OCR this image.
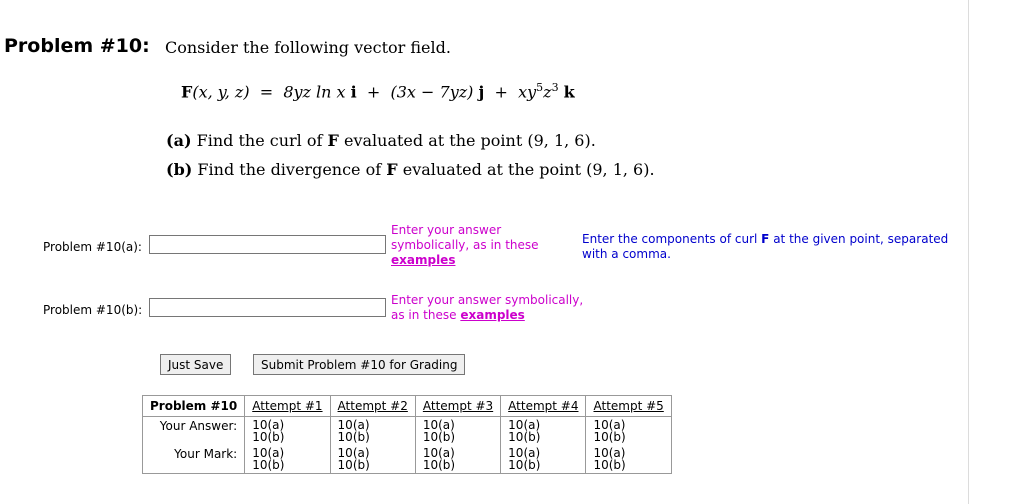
Problem #10: Consider the following vector field.
F(x, y, z) = 8yz ln x i + (3x − 7yz) $j + xy^5z^3$ k
(a) Find the curl of F evaluated at the point (9, 1, 6).
(b) Find the divergence of F evaluated at the point (9, 1, 6).
Problem #10(a):
Enter your answer symbolically, as in these
examples
Enter the components of curl F at the given point, separated with a comma.
Problem #10(b):
Enter your answer symbolically, as in these examples
Just Save	Submit Problem #10 for Grading
Problem #10	Attempt #1	Attempt #2	Attempt #3	Attempt #4	Attempt #5
Your Answer:	10(a)
10(b)	10(a)
10(b)	10(a)
10(b)	10(a)
10(b)	10(a)
10(b)

Your Mark:	10(a)
10(b)	10(a)
10(b)	10(a)
10(b)	10(a)
10(b)	10(a)
10(b)
